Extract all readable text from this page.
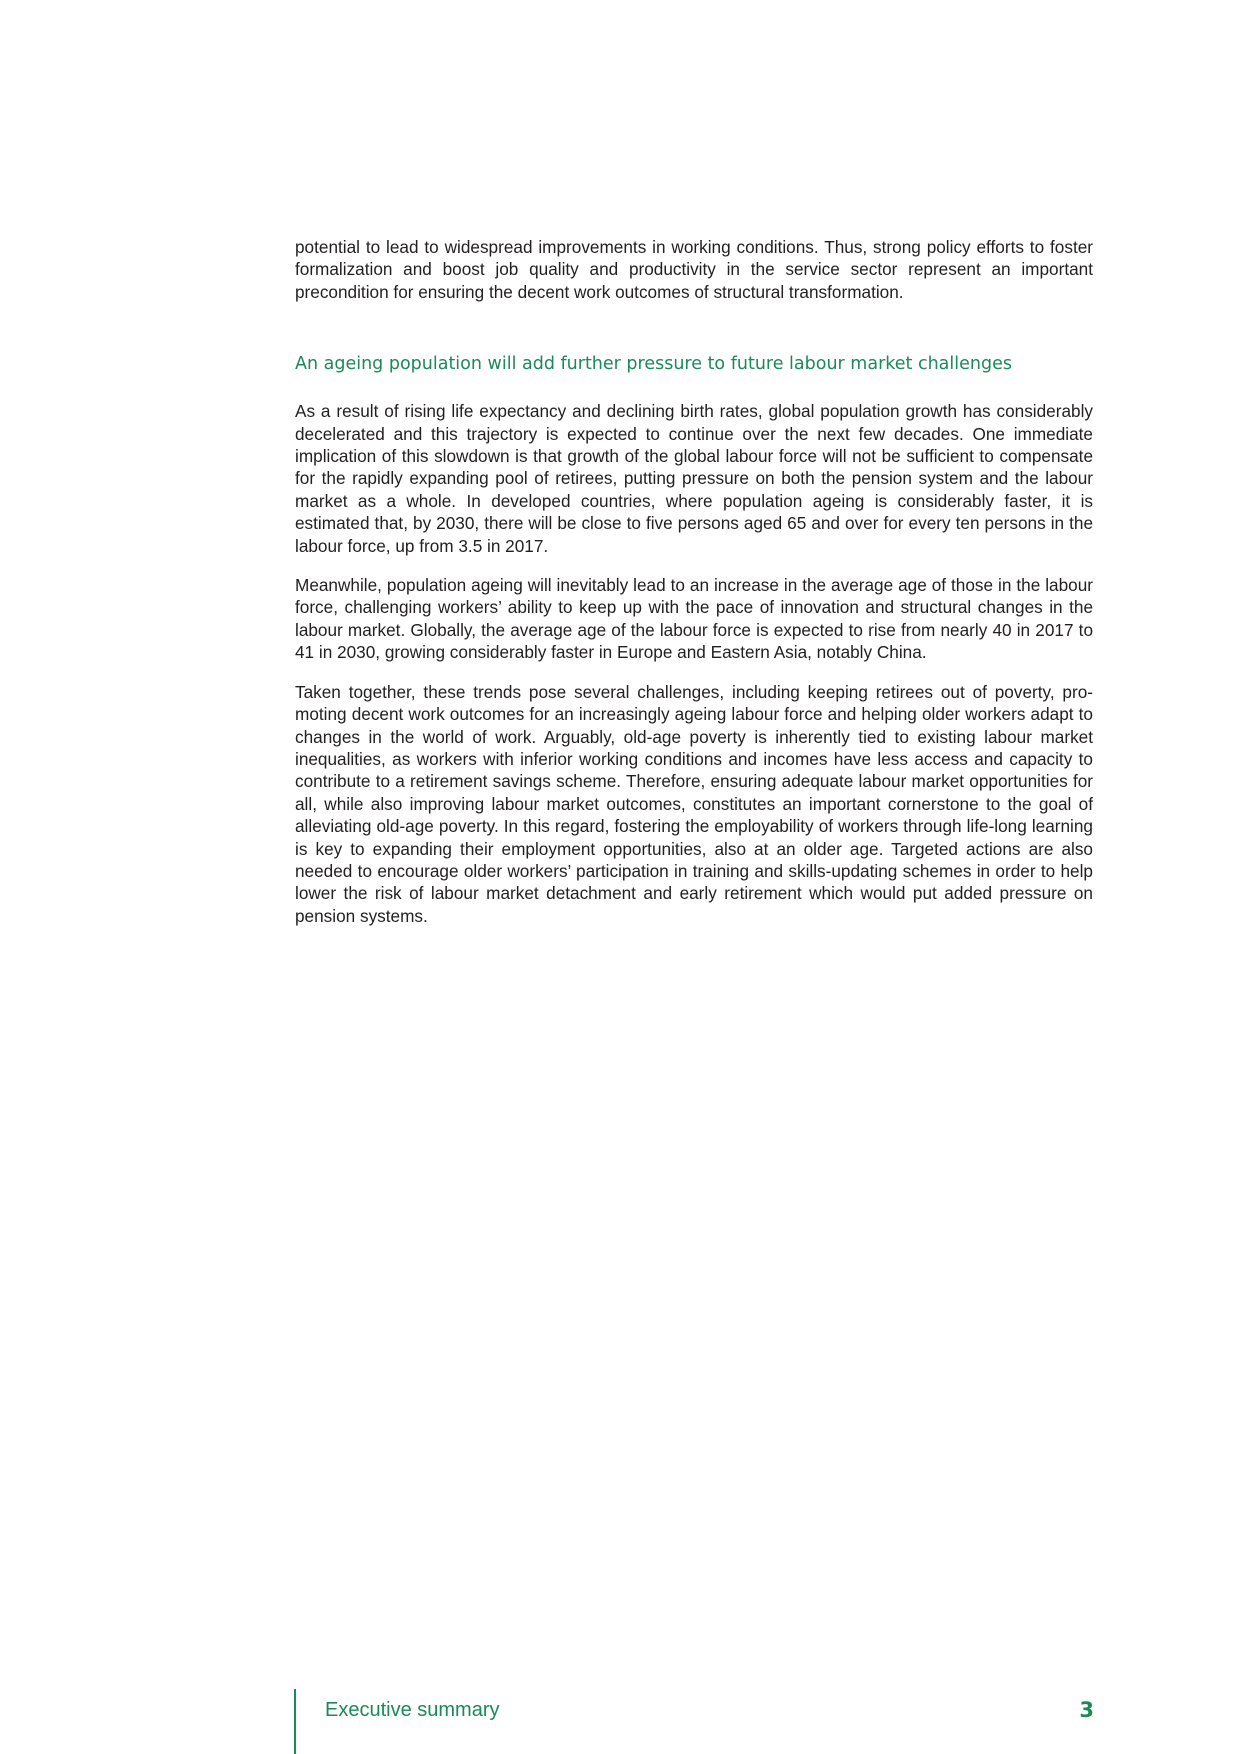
potential to lead to widespread improvements in working conditions. Thus, strong policy efforts to foster formalization and boost job quality and productivity in the service sector represent an important precondition for ensuring the decent work outcomes of structural transformation.

An ageing population will add further pressure to future labour market challenges

As a result of rising life expectancy and declining birth rates, global population growth has considerably decelerated and this trajectory is expected to continue over the next few decades. One immediate implication of this slowdown is that growth of the global labour force will not be sufficient to compensate for the rapidly expanding pool of retirees, putting pressure on both the pension system and the labour market as a whole. In developed countries, where population ageing is considerably faster, it is estimated that, by 2030, there will be close to five persons aged 65 and over for every ten persons in the labour force, up from 3.5 in 2017.

Meanwhile, population ageing will inevitably lead to an increase in the average age of those in the labour force, challenging workers’ ability to keep up with the pace of innovation and structural changes in the labour market. Globally, the average age of the labour force is expected to rise from nearly 40 in 2017 to 41 in 2030, growing considerably faster in Europe and Eastern Asia, notably China.

Taken together, these trends pose several challenges, including keeping retirees out of poverty, promoting decent work outcomes for an increasingly ageing labour force and helping older workers adapt to changes in the world of work. Arguably, old-age poverty is inherently tied to existing labour market inequalities, as workers with inferior working conditions and incomes have less access and capacity to contribute to a retirement savings scheme. Therefore, ensuring adequate labour market opportunities for all, while also improving labour market outcomes, constitutes an important cornerstone to the goal of alleviating old-age poverty. In this regard, fostering the employability of workers through life-long learning is key to expanding their employment opportunities, also at an older age. Targeted actions are also needed to encourage older workers’ participation in training and skills-updating schemes in order to help lower the risk of labour market detachment and early retirement which would put added pressure on pension systems.

Executive summary	3
